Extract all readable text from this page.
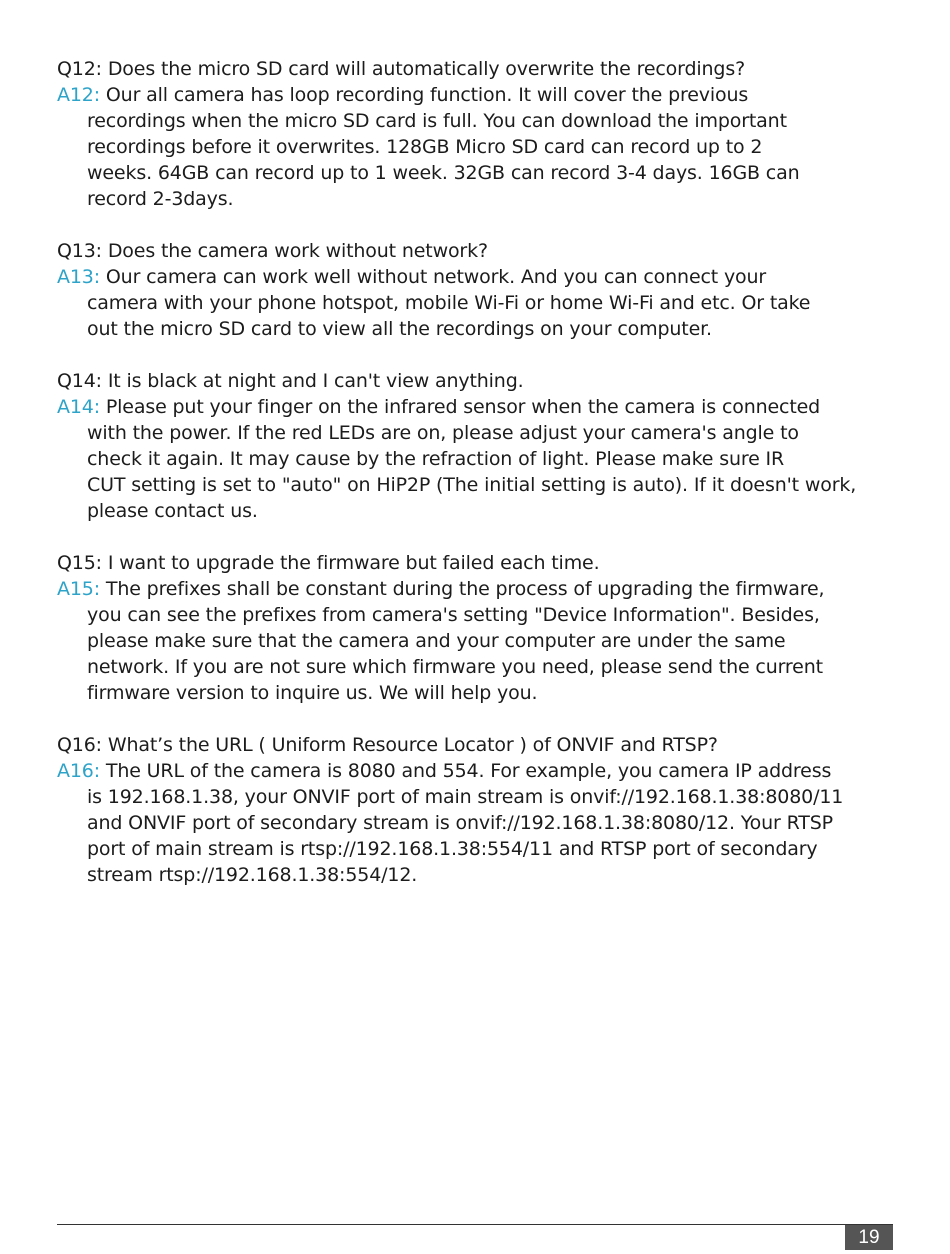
Q12: Does the micro SD card will automatically overwrite the recordings?
A12: Our all camera has loop recording function. It will cover the previous
recordings when the micro SD card is full. You can download the important
recordings before it overwrites. 128GB Micro SD card can record up to 2
weeks. 64GB can record up to 1 week. 32GB can record 3-4 days. 16GB can
record 2-3days.
Q13: Does the camera work without network?
A13: Our camera can work well without network. And you can connect your
camera with your phone hotspot, mobile Wi-Fi or home Wi-Fi and etc. Or take
out the micro SD card to view all the recordings on your computer.
Q14: It is black at night and I can't view anything.
A14: Please put your finger on the infrared sensor when the camera is connected
with the power. If the red LEDs are on, please adjust your camera's angle to
check it again. It may cause by the refraction of light. Please make sure IR
CUT setting is set to "auto" on HiP2P (The initial setting is auto). If it doesn't work,
please contact us.
Q15: I want to upgrade the firmware but failed each time.
A15: The prefixes shall be constant during the process of upgrading the firmware,
you can see the prefixes from camera's setting "Device Information". Besides,
please make sure that the camera and your computer are under the same
network. If you are not sure which firmware you need, please send the current
firmware version to inquire us. We will help you.
Q16: What’s the URL ( Uniform Resource Locator ) of ONVIF and RTSP?
A16: The URL of the camera is 8080 and 554. For example, you camera IP address
is 192.168.1.38, your ONVIF port of main stream is onvif://192.168.1.38:8080/11
and ONVIF port of secondary stream is onvif://192.168.1.38:8080/12. Your RTSP
port of main stream is rtsp://192.168.1.38:554/11 and RTSP port of secondary
stream rtsp://192.168.1.38:554/12.
19
